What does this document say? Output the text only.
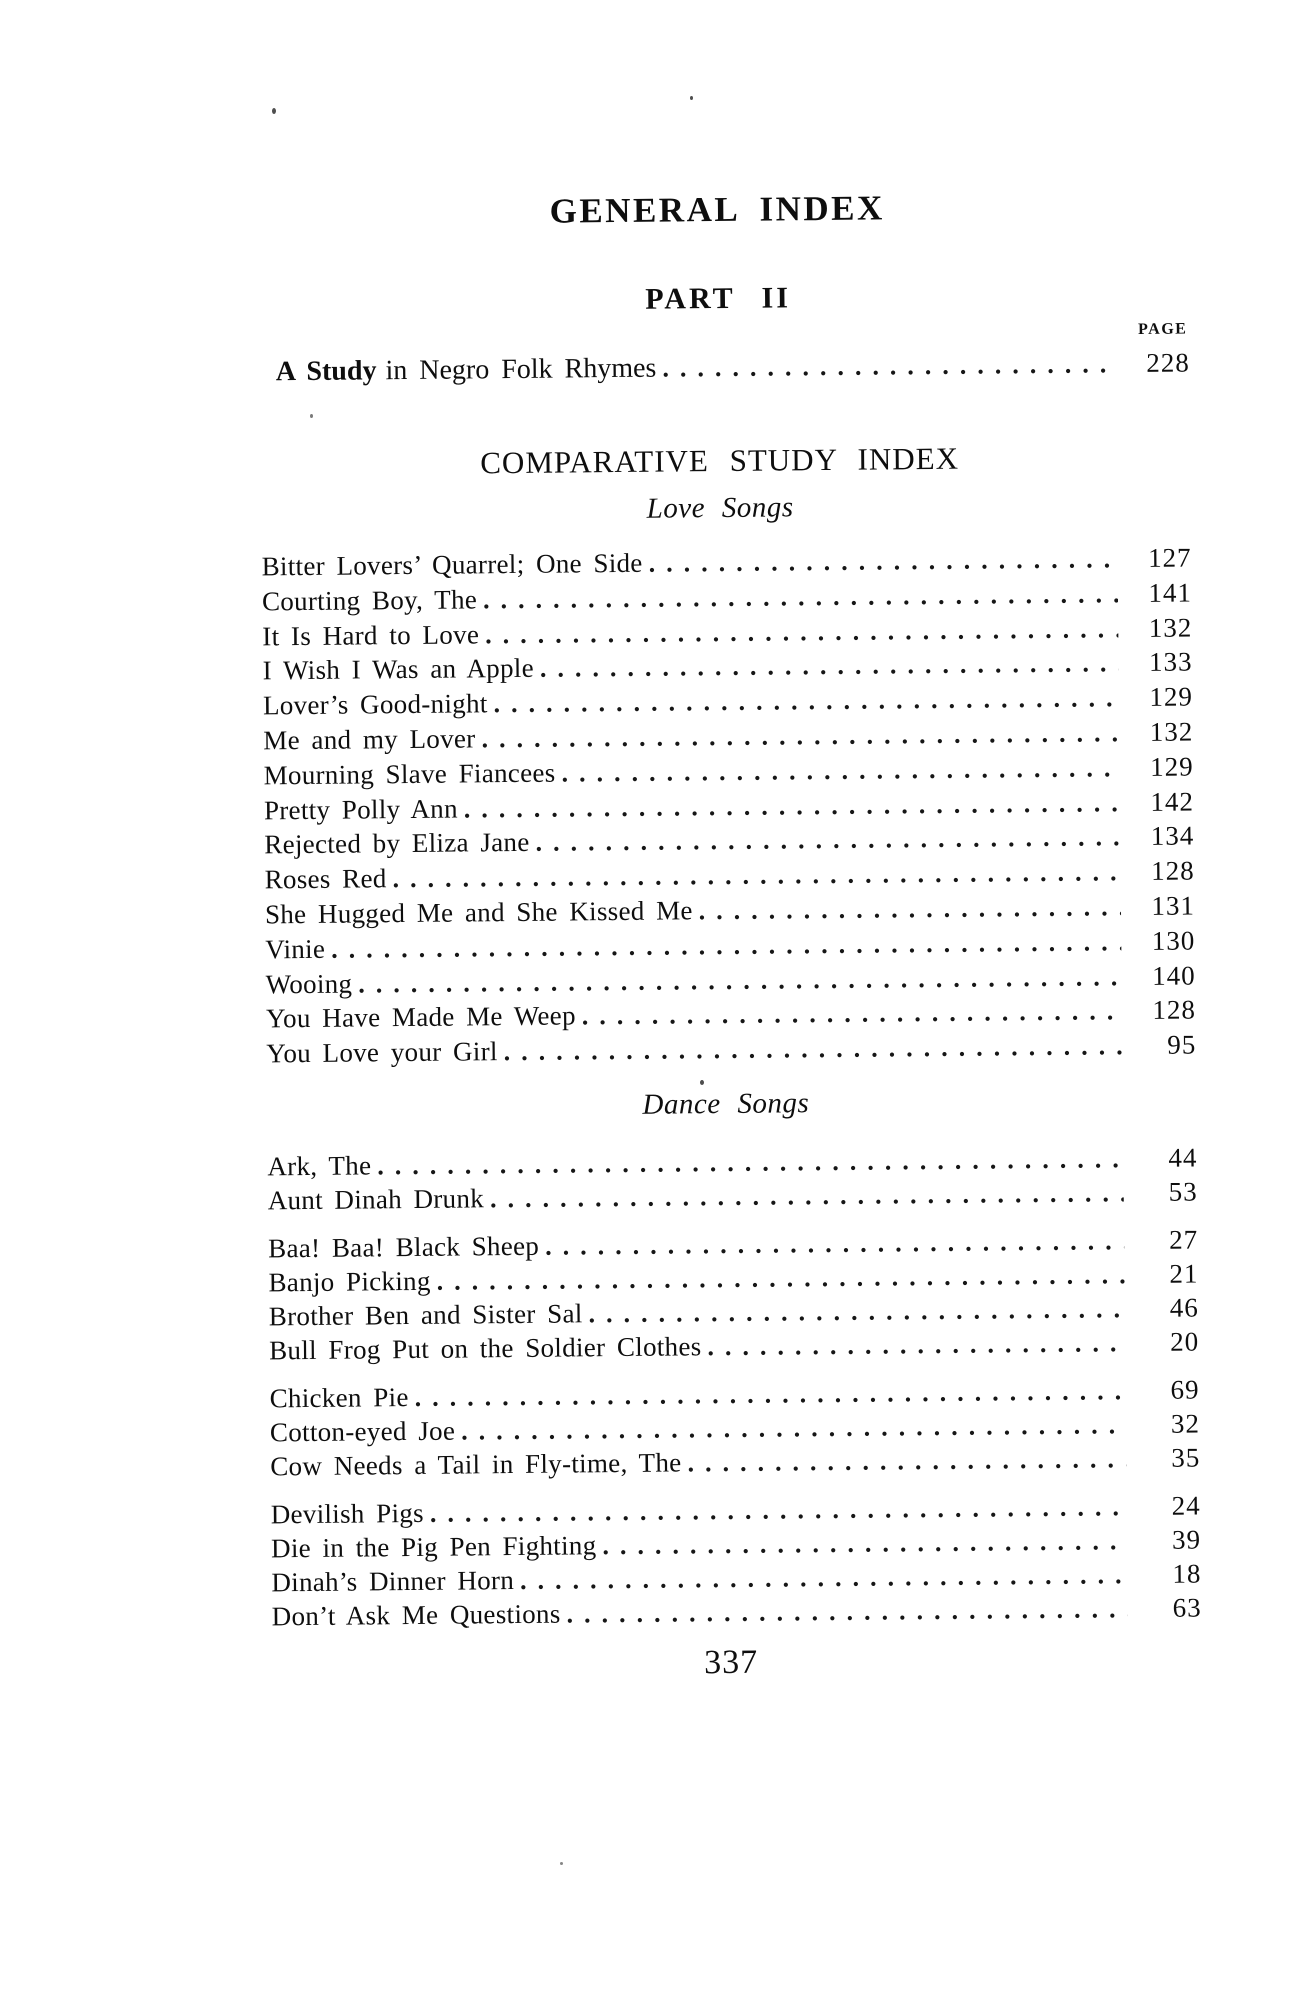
GENERAL INDEX
PART II
PAGE
A Study in Negro Folk Rhymes .....	228
COMPARATIVE STUDY INDEX
Love Songs
Bitter Lovers’ Quarrel; One Side .....	127
Courting Boy, The .....	141
It Is Hard to Love .....	132
I Wish I Was an Apple .....	133
Lover’s Good-night .....	129
Me and my Lover .....	132
Mourning Slave Fiancees .....	129
Pretty Polly Ann .....	142
Rejected by Eliza Jane .....	134
Roses Red .....	128
She Hugged Me and She Kissed Me .....	131
Vinie .....	130
Wooing .....	140
You Have Made Me Weep .....	128
You Love your Girl .....	95
Dance Songs
Ark, The .....	44
Aunt Dinah Drunk .....	53
Baa! Baa! Black Sheep .....	27
Banjo Picking .....	21
Brother Ben and Sister Sal .....	46
Bull Frog Put on the Soldier Clothes .....	20
Chicken Pie .....	69
Cotton-eyed Joe .....	32
Cow Needs a Tail in Fly-time, The .....	35
Devilish Pigs .....	24
Die in the Pig Pen Fighting .....	39
Dinah’s Dinner Horn .....	18
Don’t Ask Me Questions .....	63
337
